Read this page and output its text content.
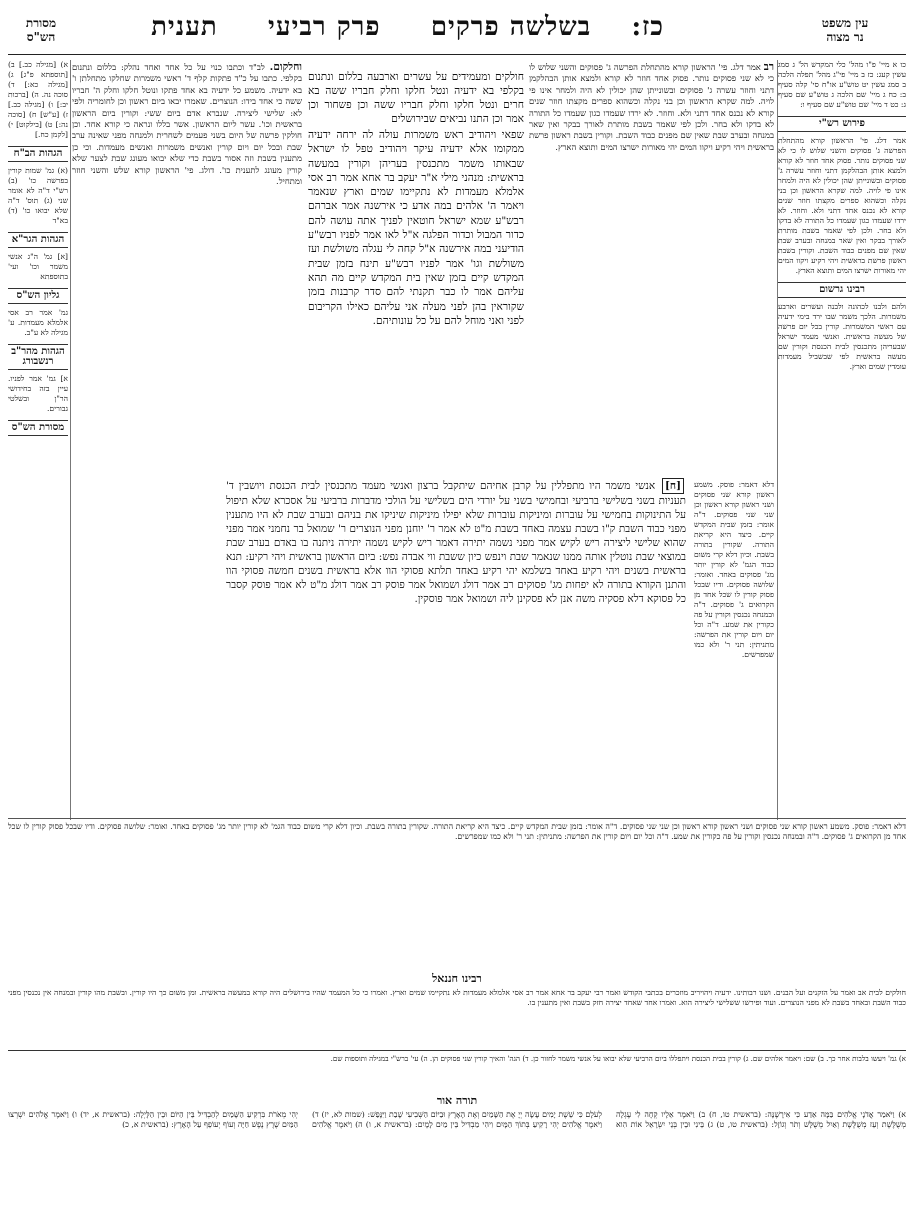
עין משפט
נר מצוה
כז:    בשלשה פרקים     פרק רביעי     תענית
מסורת
הש"ס
כו א מיי' פ"ו מהל' כלי המקדש הל' ג סמג עשין קעג: כז ב מיי' פי"ג מהל' תפלה הלכה ב סמג עשין יט טוש"ע או"ח סי' קלה סעיף ב: כח ג מיי' שם הלכה ג טוש"ע שם סעיף ג: כט ד מיי' שם טוש"ע שם סעיף ו:
פירוש רש"י
אמר דלג. פי' הראשון קורא מהתחלת הפרשה ג' פסוקים והשני שלוש לו כי לא שני פסוקים נותר. פסוק אחד חוזר לא קורא ולמצא אותן הבהלקמן דתני וחוזר עשרה ג' פסוקים ובשונייתן שהן יכולין לא היה ולמחר אינו פי לויה. למה שקרא הראשון וכן בני נקלה וכשהוא ספרים מקצתו חוזר שנים קורא לא נכנס אחד דתני ולא. וחוזר. לא ירדו שעמדו כגון שעמדו כל התורה לא בדקו ולא בחר. ולכן לפי שאמר בשבת מותרת לאורך בבקר ואין שאר במנחה ובערב שבת שאין שם מפנים כבוד השבת. וקורין בשבת ראשון פרשת בראשית ויהי רקיע ויקוו המים יהי מאורות ישרצו המים ותוצא הארץ.
רבינו גרשום
ולהם ולבנו לכהונה ולבנה ועשרים וארבע משמרות. הלכך משמר שבו ירד בימי ידעיה עם ראשי המשמרות. קורין בכל יום פרשה של מעשה בראשית. ואנשי מעמד ישראל שבעריהן מתכנסין לבית הכנסת וקורין שם מעשה בראשית לפי שבשביל מעמדות עומדין שמים וארץ.
רב אמר דלג. פי' הראשון קורא מהתחלת הפרשה ג' פסוקים והשני שלוש לו כי לא שני פסוקים נותר. פסוק אחד חוזר לא קורא ולמצא אותן הבהלקמן דתני וחוזר עשרה ג' פסוקים ובשונייתן שהן יכולין לא היה ולמחר אינו פי לויה. למה שקרא הראשון וכן בני נקלה וכשהוא ספרים מקצתו חוזר שנים קורא לא נכנס אחד דתני ולא. וחוזר. לא ירדו שעמדו כגון שעמדו כל התורה לא בדקו ולא בחר. ולכן לפי שאמר בשבת מותרת לאורך בבקר ואין שאר במנחה ובערב שבת שאין שם מפנים כבוד השבת. וקורין בשבת ראשון פרשת בראשית ויהי רקיע ויקוו המים יהי מאורות ישרצו המים ותוצא הארץ.
חולקים ומעמידים על עשרים וארבעה בללום ונתנום בקלפי בא ידעיה ונטל חלקו וחלק חבריו ששה בא חרים ונטל חלקו וחלק חבריו ששה וכן פשחור וכן אמר וכן התנו נביאים שבירושלים
שפאי ויהודיב ראש משמרות עולה לה ירחה ידעיה ממקומו אלא ידעיה עיקר ויהודיב טפל לו ישראל שבאותו משמר מתכנסין בעריהן וקורין במעשה בראשית: מנהני מילי א"ר יעקב בר אחא אמר רב אסי אלמלא מעמדות לא נתקיימו שמים וארץ שנאמר ויאמר ה' אלהים במה אדע כי אירשנה אמר אברהם רבש"ע שמא ישראל חוטאין לפניך אתה עושה להם כדור המבול וכדור הפלגה א"ל לאו אמר לפניו רבש"ע הודיעני במה אירשנה א"ל קחה לי עגלה משולשת ועז משולשת וגו' אמר לפניו רבש"ע תינח בזמן שבית המקדש קיים בזמן שאין בית המקדש קיים מה תהא עליהם אמר לו כבר תקנתי להם סדר קרבנות בזמן שקוראין בהן לפני מעלה אני עליהם כאילו הקריבום לפני ואני מוחל להם על כל עונותיהם.
וחלקום. לב"ד וכתבו כנוי על כל אחד ואחד נהלק: בללום ונתנום בקלפי. כתבו על כ"ד פתקות קלף ד' ראשי משמרות שחלקו מתחלתן ו' בא ידעיה. משמע כל ידעיה בא אחד פתקו ונוטל חלקו וחלק ה' חבריו ששה כי אחד בידו: הנוצרים. שאמרו יבאו ביום ראשון וכן לחומריה ולפי לא: שלישי ליצירה. שנברא אדם ביום ששי: וקורין ביום הראשון בראשית וכו'. עשר ליום הראשון. אשר בללו ונראה כי קורא אחד. וכן חולקין פרשה של היום בשני פעמים לשחרית ולמנחה מפני שאינה ערב שבת ובכל יום ויום קורין ואנשים משמרות ואנשים מעמדות. וכי כן מתענין בשבת וזה אסור בשבת כדי שלא יבואו מעונג שבת לצער שלא קורין מעונג לתענית כו'. דולג. פי' הראשון קורא שלש והשני חוזר ומתחיל.
א) [מגילה כב.] ב) [תוספתא פ"ג] ג) [מגילה כא:] ד) סוכה נה. ה) [ברכות יב:] ו) [מגילה כב.] ז) [ע"ש] ח) [סוכה נה:] ט) [בילקוט] י) [לקמן כח.]
הגהות הב"ח
(א) גמ' שמות קורין בפרשה כו' (ב) רש"י ד"ה לא אומר שני (ג) תוס' ד"ה שלא יבואו כו' (ד) בא"ד
הגהות הגר"א
[א] גמ' ה"ג אנשי משמר וכו' ועי' בתוספתא
גליון הש"ס
גמ' אמר רב אסי אלמלא מעמדות. ע' מגילה לא ע"ב.
הגהות מהר"ב רנשבורג
א] גמ' אמר לפניו. עיין בזה בחידושי הר"ן ובשלטי גבורים.
מסורת הש"ס
דלא דאמר: פוסק. משמע ראשון קורא שני פסוקים ושני ראשון קורא ראשון וכן שני שני פסוקים. ד"ה אומר: בזמן שבית המקדש קיים. כיצד היא קריאת התורה. שקורין בתורה בשבת. וכיון דלא קרי משום כבוד הגמ' לא קורין יותר מג' פסוקים באחד. ואומר: שלושה פסוקים. ודיו שבכל פסוק קורין לו שכל אחד מן הקרואים ג' פסוקים. ד"ה ובמנחה נכנסין וקורין על פה כקורין את שמע. ד"ה וכל יום ויום קורין את הפרשה: מתניתין: תני ר' ולא כמו שמפרשים.
[ח] אנשי משמר היו מתפללין על קרבן אחיהם שיתקבל ברצון ואנשי מעמד מתכנסין לבית הכנסת ויושבין ד' תעניות בשני בשלישי ברביעי ובחמישי בשני על יורדי הים בשלישי על הולכי מדברות ברביעי על אסכרא שלא תיפול על התינוקות בחמישי על עוברות ומיניקות עוברות שלא יפילו מיניקות שיניקו את בניהם ובערב שבת לא היו מתענין מפני כבוד השבת ק"ו בשבת עצמה באחד בשבת מ"ט לא אמר ר' יוחנן מפני הנוצרים ר' שמואל בר נחמני אמר מפני שהוא שלישי ליצירה ריש לקיש אמר מפני נשמה יתירה דאמר ריש לקיש נשמה יתירה ניתנה בו באדם בערב שבת במוצאי שבת נוטלין אותה ממנו שנאמר שבת וינפש כיון ששבת ווי אבדה נפש: ביום הראשון בראשית ויהי רקיע: תנא בראשית בשנים ויהי רקיע באחד בשלמא יהי רקיע באחד תלתא פסוקי הוו אלא בראשית בשנים חמשה פסוקי הוו והתנן הקורא בתורה לא יפחות מג' פסוקים רב אמר דולג ושמואל אמר פוסק רב אמר דולג מ"ט לא אמר פוסק קסבר כל פסוקא דלא פסקיה משה אנן לא פסקינן ליה ושמואל אמר פוסקין.
דלא דאמר: פוסק. משמע ראשון קורא שני פסוקים ושני ראשון קורא ראשון וכן שני שני פסוקים. ד"ה אומר: בזמן שבית המקדש קיים. כיצד היא קריאת התורה. שקורין בתורה בשבת. וכיון דלא קרי משום כבוד הגמ' לא קורין יותר מג' פסוקים באחד. ואומר: שלושה פסוקים. ודיו שבכל פסוק קורין לו שכל אחד מן הקרואים ג' פסוקים. ד"ה ובמנחה נכנסין וקורין על פה כקורין את שמע. ד"ה וכל יום ויום קורין את הפרשה: מתניתין: תני ר' ולא כמו שמפרשים.
רבינו חננאל
חולקים לבית אב ואמר על הזקנים ועל הבנים. ושנו רבותינו. ידעיה ויהויריב מוזכרים בכתבי הקודש ואמר רבי יעקב בר אחא אמר רב אסי אלמלא מעמדות לא נתקיימו שמים וארץ. ואמרו כי כל המעמד שהיו בירושלים היה קורא במעשה בראשית. ומן משום כך היו קורין. ובשבת מהו קורין ובמנחה אין נכנסין מפני כבוד השבת ובאחד בשבת לא מפני הנוצרים. ועוד ופירשו ששלישי ליצירה הוא. ואמרו אחד שאחד יצירה חזק בשבת ואין מתענין בו.
א) גמ' ויעשו בלבות אחר כך. ב) שם: ויאמר אלהים שם. ג) קורין בבית הכנסת ויתפללו ביום הרביעי שלא יבואו על אנשי משמר לחזור כן. ד) הגה' והאיך קורין שני פסוקים הן. ה) עי' ברש"י במגילה ותוספות שם.
תורה אור
א) וַיֹּאמַר אֲדֹנָי אֱלֹהִים בַּמָּה אֵדַע כִּי אִירָשֶׁנָּה: (בראשית טו, ח) ב) וַיֹּאמֶר אֵלָיו קְחָה לִי עֶגְלָה מְשֻׁלֶּשֶׁת וְעֵז מְשֻׁלֶּשֶׁת וְאַיִל מְשֻׁלָּשׁ וְתֹר וְגוֹזָל: (בראשית טו, ט) ג) בֵּינִי וּבֵין בְּנֵי יִשְׂרָאֵל אוֹת הִוא לְעֹלָם כִּי שֵׁשֶׁת יָמִים עָשָׂה יְיָ אֶת הַשָּׁמַיִם וְאֶת הָאָרֶץ וּבַיּוֹם הַשְּׁבִיעִי שָׁבַת וַיִּנָּפַשׁ: (שמות לא, יז) ד) וַיֹּאמֶר אֱלֹהִים יְהִי רָקִיעַ בְּתוֹךְ הַמָּיִם וִיהִי מַבְדִּיל בֵּין מַיִם לָמָיִם: (בראשית א, ו) ה) וַיֹּאמֶר אֱלֹהִים יְהִי מְאֹרֹת בִּרְקִיעַ הַשָּׁמַיִם לְהַבְדִּיל בֵּין הַיּוֹם וּבֵין הַלָּיְלָה: (בראשית א, יד) ו) וַיֹּאמֶר אֱלֹהִים יִשְׁרְצוּ הַמַּיִם שֶׁרֶץ נֶפֶשׁ חַיָּה וְעוֹף יְעוֹפֵף עַל הָאָרֶץ: (בראשית א, כ)
